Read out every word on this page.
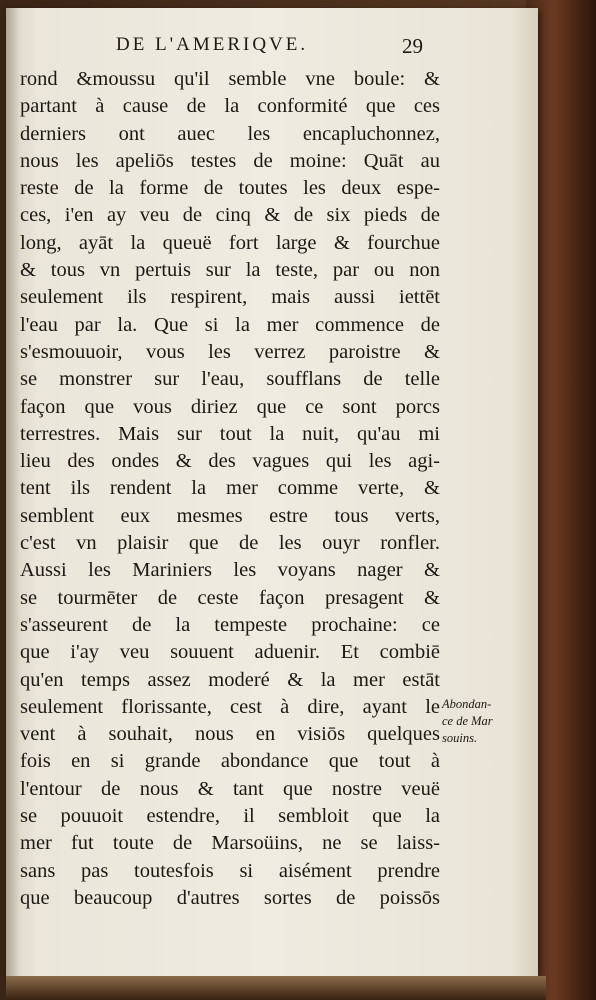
DE L'AMERIQVE.	29
rond &moussu qu'il semble vne boule: &
partant à cause de la conformité que ces
derniers ont auec les encapluchonnez,
nous les apeliōs testes de moine: Quāt au
reste de la forme de toutes les deux espe-
ces, i'en ay veu de cinq & de six pieds de
long, ayāt la queuë fort large & fourchue
& tous vn pertuis sur la teste, par ou non
seulement ils respirent, mais aussi iettēt
l'eau par la. Que si la mer commence de
s'esmouuoir, vous les verrez paroistre &
se monstrer sur l'eau, soufflans de telle
façon que vous diriez que ce sont porcs
terrestres. Mais sur tout la nuit, qu'au mi
lieu des ondes & des vagues qui les agi-
tent ils rendent la mer comme verte, &
semblent eux mesmes estre tous verts,
c'est vn plaisir que de les ouyr ronfler.
Aussi les Mariniers les voyans nager &
se tourmēter de ceste façon presagent &
s'asseurent de la tempeste prochaine: ce
que i'ay veu souuent aduenir. Et combiē
qu'en temps assez moderé & la mer estāt
seulement florissante, cest à dire, ayant le
vent à souhait, nous en visiōs quelques
fois en si grande abondance que tout à
l'entour de nous & tant que nostre veuë
se pouuoit estendre, il sembloit que la
mer fut toute de Marsoüins, ne se laiss-
sans pas toutesfois si aisément prendre
que beaucoup d'autres sortes de poissōs
Abondan-
ce de Mar
souins.
